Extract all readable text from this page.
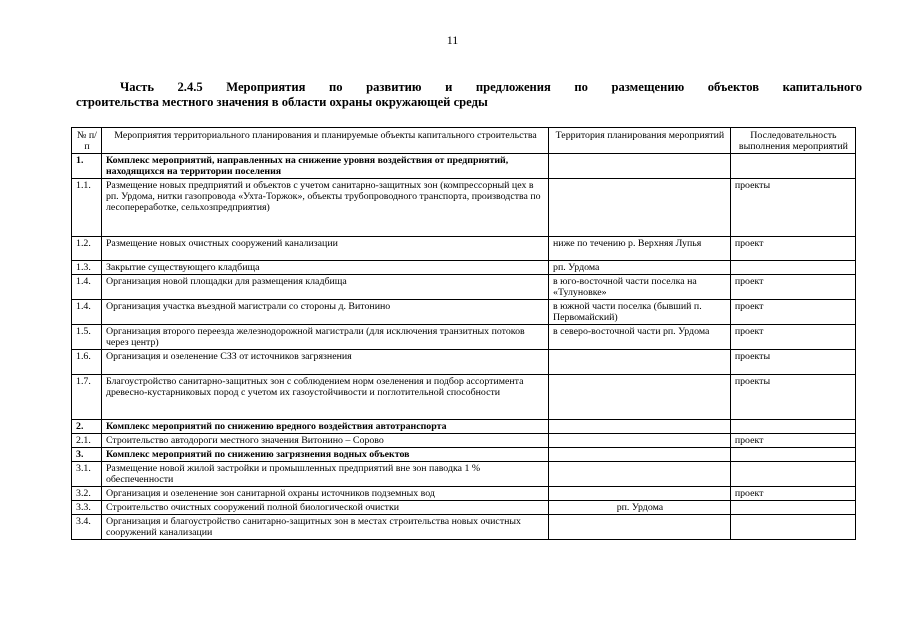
11
Часть 2.4.5 Мероприятия по развитию и предложения по размещению объектов капитального
строительства местного значения в области охраны окружающей среды
№ п/п	Мероприятия территориального планирования и планируемые объекты капитального строительства	Территория планирования мероприятий	Последовательность выполнения мероприятий
1.	Комплекс мероприятий, направленных на снижение уровня воздействия от предприятий, находящихся на территории поселения		
1.1.	Размещение новых предприятий и объектов с учетом санитарно-защитных зон (компрессорный цех в рп. Урдома, нитки газопровода «Ухта-Торжок», объекты трубопроводного транспорта, производства по лесопереработке, сельхозпредприятия)		проекты
1.2.	Размещение новых очистных сооружений канализации	ниже по течению р. Верхняя Лупья	проект
1.3.	Закрытие существующего кладбища	рп. Урдома	
1.4.	Организация новой площадки для размещения кладбища	в юго-восточной части поселка на «Тулуновке»	проект
1.4.	Организация участка въездной магистрали со стороны д. Витонино	в южной части поселка (бывший п. Первомайский)	проект
1.5.	Организация второго переезда железнодорожной магистрали (для исключения транзитных потоков через центр)	в северо-восточной части рп. Урдома	проект
1.6.	Организация и озеленение СЗЗ от источников загрязнения		проекты
1.7.	Благоустройство санитарно-защитных зон с соблюдением норм озеленения и подбор ассортимента древесно-кустарниковых пород с учетом их газоустойчивости и поглотительной способности		проекты
2.	Комплекс мероприятий по снижению вредного воздействия автотранспорта		
2.1.	Строительство автодороги местного значения Витонино – Сорово		проект
3.	Комплекс мероприятий по снижению загрязнения водных объектов		
3.1.	Размещение новой жилой застройки и промышленных предприятий вне зон паводка 1 % обеспеченности		
3.2.	Организация и озеленение зон санитарной охраны источников подземных вод		проект
3.3.	Строительство очистных сооружений полной биологической очистки	рп. Урдома	
3.4.	Организация и благоустройство санитарно-защитных зон в местах строительства новых очистных сооружений канализации		
